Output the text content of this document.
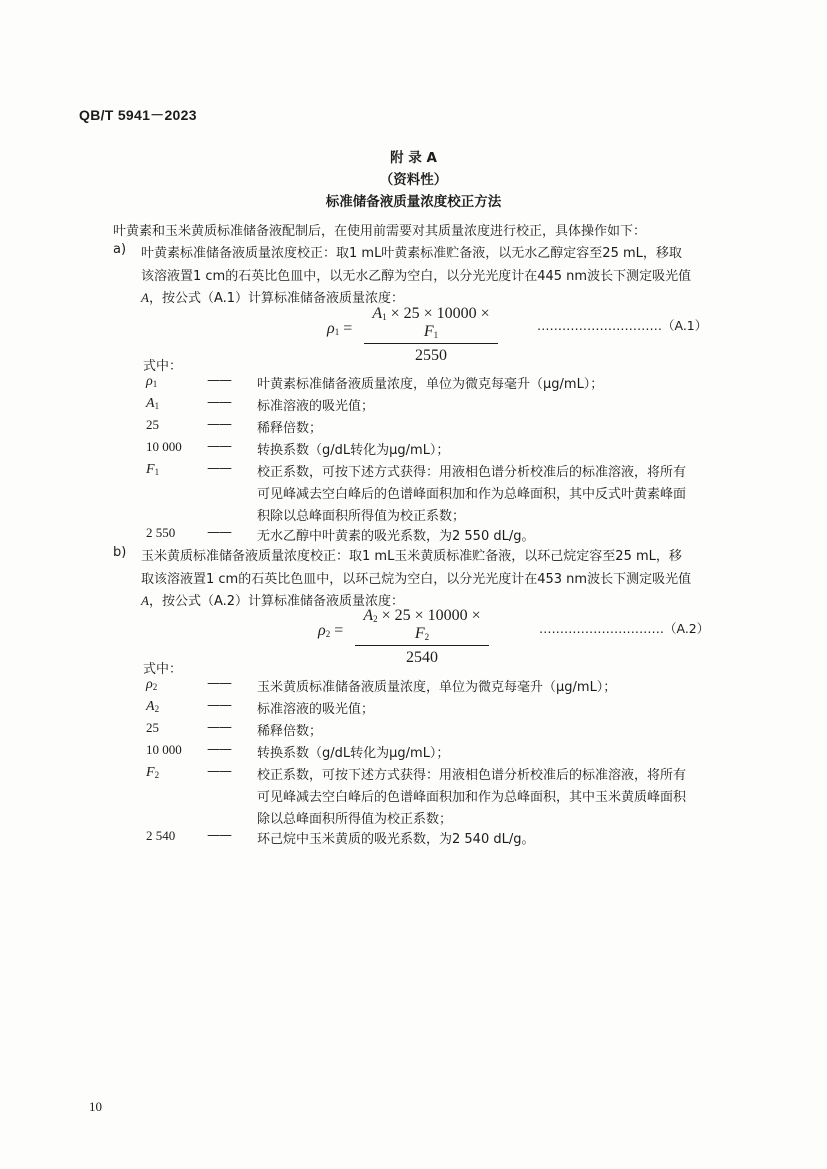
QB/T 5941－2023
附 录 A
（资料性）
标准储备液质量浓度校正方法
叶黄素和玉米黄质标准储备液配制后，在使用前需要对其质量浓度进行校正，具体操作如下：
a) 叶黄素标准储备液质量浓度校正：取1 mL叶黄素标准贮备液，以无水乙醇定容至25 mL，移取
该溶液置1 cm的石英比色皿中，以无水乙醇为空白，以分光光度计在445 nm波长下测定吸光值
A，按公式（A.1）计算标准储备液质量浓度：
$\rho_1 = \frac{A_1 \times 25 \times 10000 \times F_1}{2550}$	…………………………（A.1）
式中：
$\rho_1$	—— 叶黄素标准储备液质量浓度，单位为微克每毫升（μg/mL）；
$A_1$	—— 标准溶液的吸光值；
25	—— 稀释倍数；
10 000 —— 转换系数（g/dL转化为μg/mL）；
$F_1$	—— 校正系数，可按下述方式获得：用液相色谱分析校准后的标准溶液，将所有
可见峰减去空白峰后的色谱峰面积加和作为总峰面积，其中反式叶黄素峰面
积除以总峰面积所得值为校正系数；
2 550 —— 无水乙醇中叶黄素的吸光系数，为2 550 dL/g。
b) 玉米黄质标准储备液质量浓度校正：取1 mL玉米黄质标准贮备液，以环己烷定容至25 mL，移
取该溶液置1 cm的石英比色皿中，以环己烷为空白，以分光光度计在453 nm波长下测定吸光值
A，按公式（A.2）计算标准储备液质量浓度：
$\rho_2 = \frac{A_2 \times 25 \times 10000 \times F_2}{2540}$	…………………………（A.2）
式中：
$\rho_2$	—— 玉米黄质标准储备液质量浓度，单位为微克每毫升（μg/mL）；
$A_2$	—— 标准溶液的吸光值；
25	—— 稀释倍数；
10 000 —— 转换系数（g/dL转化为μg/mL）；
$F_2$	—— 校正系数，可按下述方式获得：用液相色谱分析校准后的标准溶液，将所有
可见峰减去空白峰后的色谱峰面积加和作为总峰面积，其中玉米黄质峰面积
除以总峰面积所得值为校正系数；
2 540 —— 环己烷中玉米黄质的吸光系数，为2 540 dL/g。
10
